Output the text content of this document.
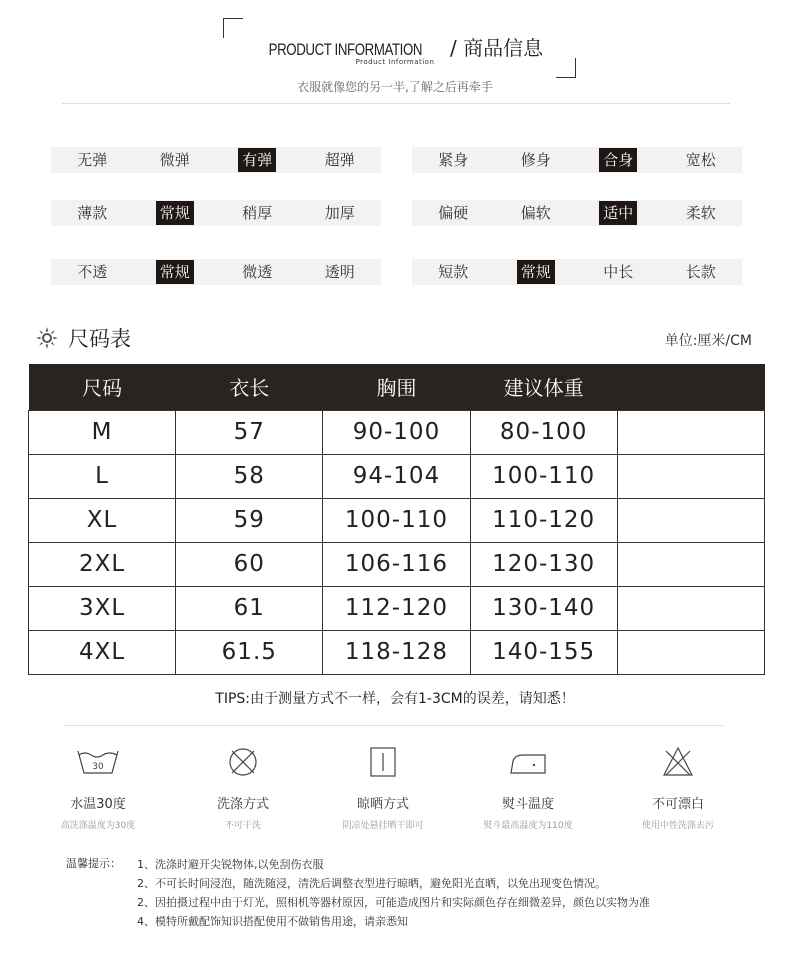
PRODUCT INFORMATION / 商品信息
Product Information
衣服就像您的另一半,了解之后再牵手
无弹	微弹	有弹	超弹	紧身	修身	合身	宽松
薄款	常规	稍厚	加厚	偏硬	偏软	适中	柔软
不透	常规	微透	透明	短款	常规	中长	长款
尺码表	单位:厘米/CM
尺码	衣长	胸围	建议体重	
M	57	90-100	80-100	
L	58	94-104	100-110	
XL	59	100-110	110-120	
2XL	60	106-116	120-130	
3XL	61	112-120	130-140	
4XL	61.5	118-128	140-155	
TIPS:由于测量方式不一样，会有1-3CM的误差，请知悉！
30
水温30度
高洗涤温度为30度
洗涤方式
不可干洗
晾晒方式
阴凉处悬挂晒干即可
熨斗温度
熨斗最高温度为110度
不可漂白
使用中性洗涤去污
温馨提示： 1、洗涤时避开尖锐物体,以免刮伤衣服
2、不可长时间浸泡，随洗随浸，清洗后调整衣型进行晾晒，避免阳光直晒，以免出现变色情况。
2、因拍摄过程中由于灯光，照相机等器材原因，可能造成图片和实际颜色存在细微差异，颜色以实物为准
4、模特所戴配饰知识搭配使用不做销售用途，请亲悉知
